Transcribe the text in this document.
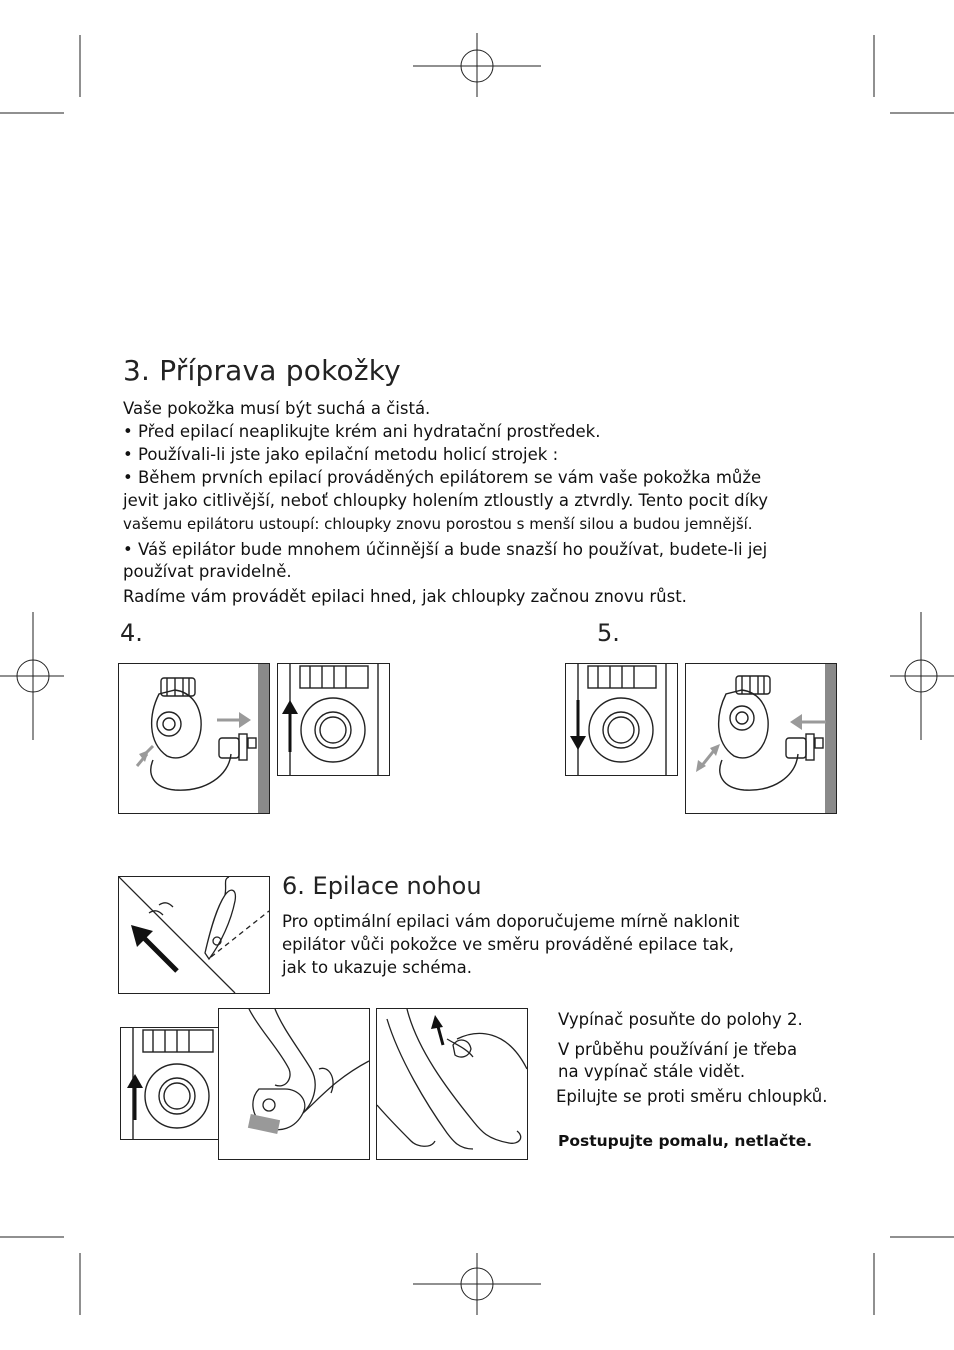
3. Příprava pokožky
Vaše pokožka musí být suchá a čistá.
• Před epilací neaplikujte krém ani hydratační prostředek.
• Používali-li jste jako epilační metodu holicí strojek :
• Během prvních epilací prováděných epilátorem se vám vaše pokožka může
jevit jako citlivější, neboť chloupky holením ztloustly a ztvrdly. Tento pocit díky
vašemu epilátoru ustoupí: chloupky znovu porostou s menší silou a budou jemnější.
• Váš epilátor bude mnohem účinnější a bude snazší ho používat, budete-li jej
používat pravidelně.
Radíme vám provádět epilaci hned, jak chloupky začnou znovu růst.
4.	5.
6. Epilace nohou
Pro optimální epilaci vám doporučujeme mírně naklonit
epilátor vůči pokožce ve směru prováděné epilace tak,
jak to ukazuje schéma.
Vypínač posuňte do polohy 2.
V průběhu používání je třeba
na vypínač stále vidět.
Epilujte se proti směru chloupků.
Postupujte pomalu, netlačte.
